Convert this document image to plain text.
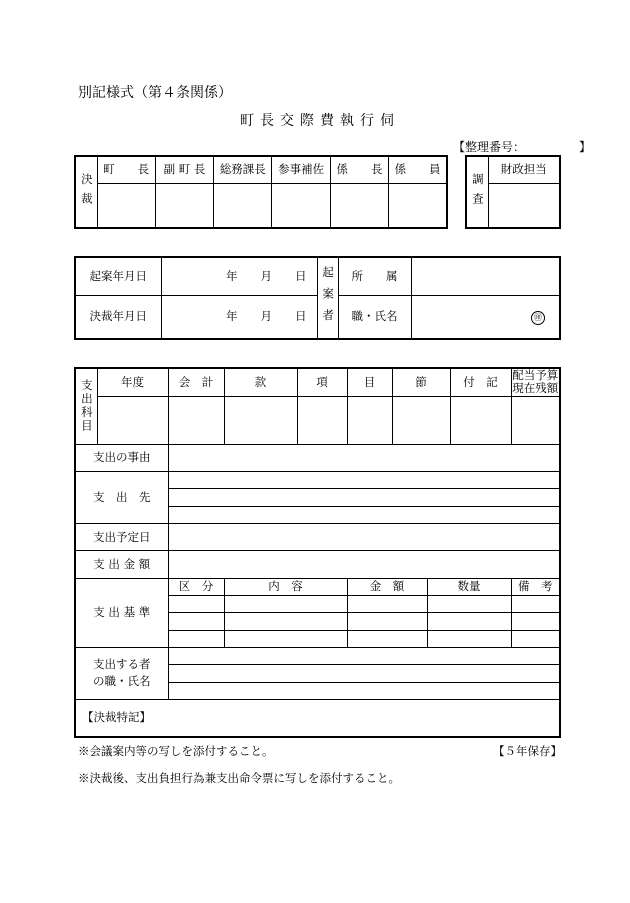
別記様式（第４条関係）
町長交際費執行伺
【整理番号：　　　　　】
決裁	町　　長	副 町 長	総務課長	参事補佐	係　　長	係　　員

調査
	財政担当

起案年月日	年　　月　　日	起案者	所　　属	
決裁年月日	年　　月　　日		職・氏名	㊞
支出科目	年度	会　計	款	項	目	節		付　記	配当予算現在残額

支出の事由									
支　出　先									

支出予定日									
支 出 金 額									
支 出 基 準		区　分	内　容		金　額		数量		備　考

支出する者
の職・氏名									

【決裁特記】									
※会議案内等の写しを添付すること。	【５年保存】
※決裁後、支出負担行為兼支出命令票に写しを添付すること。
